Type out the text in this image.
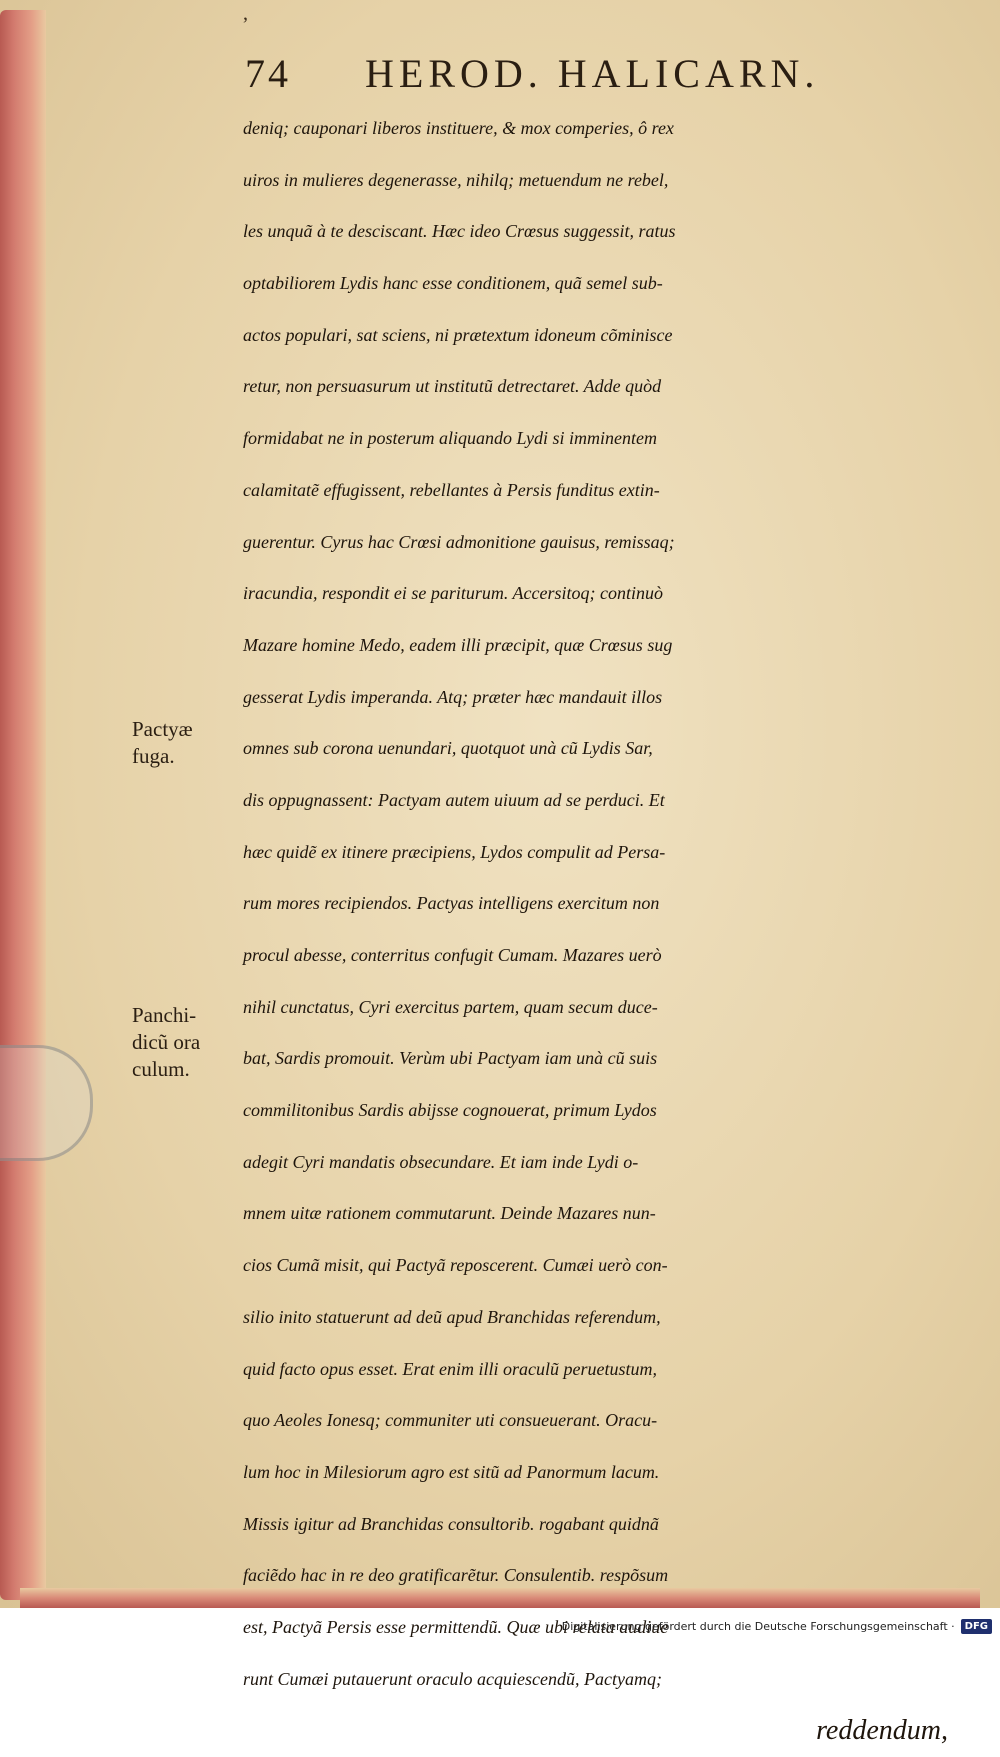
ʼ
74 HEROD. HALICARN.
Pactyæ
fuga.
Panchi-
dicũ ora
culum.
deniq; cauponari liberos instituere, & mox comperies, ô rex
uiros in mulieres degenerasse, nihilq; metuendum ne rebel,
les unquã à te desciscant. Hæc ideo Crœsus suggessit, ratus
optabiliorem Lydis hanc esse conditionem, quã semel sub-
actos populari, sat sciens, ni prætextum idoneum cõminisce
retur, non persuasurum ut institutũ detrectaret. Adde quòd
formidabat ne in posterum aliquando Lydi si imminentem
calamitatẽ effugissent, rebellantes à Persis funditus extin-
guerentur. Cyrus hac Crœsi admonitione gauisus, remissaq;
iracundia, respondit ei se pariturum. Accersitoq; continuò
Mazare homine Medo, eadem illi præcipit, quæ Crœsus sug
gesserat Lydis imperanda. Atq; præter hæc mandauit illos
omnes sub corona uenundari, quotquot unà cũ Lydis Sar,
dis oppugnassent: Pactyam autem uiuum ad se perduci. Et
hæc quidẽ ex itinere præcipiens, Lydos compulit ad Persa-
rum mores recipiendos. Pactyas intelligens exercitum non
procul abesse, conterritus confugit Cumam. Mazares uerò
nihil cunctatus, Cyri exercitus partem, quam secum duce-
bat, Sardis promouit. Verùm ubi Pactyam iam unà cũ suis
commilitonibus Sardis abijsse cognouerat, primum Lydos
adegit Cyri mandatis obsecundare. Et iam inde Lydi o-
mnem uitæ rationem commutarunt. Deinde Mazares nun-
cios Cumã misit, qui Pactyã reposcerent. Cumæi uerò con-
silio inito statuerunt ad deũ apud Branchidas referendum,
quid facto opus esset. Erat enim illi oraculũ peruetustum,
quo Aeoles Ionesq; communiter uti consueuerant. Oracu-
lum hoc in Milesiorum agro est sitũ ad Panormum lacum.
Missis igitur ad Branchidas consultorib. rogabant quidnã
faciẽdo hac in re deo gratificarẽtur. Consulentib. respõsum
est, Pactyã Persis esse permittendũ. Quæ ubi relata audiue
runt Cumæi putauerunt oraculo acquiescendũ, Pactyamq;
reddendum,
Digitalisierung gefördert durch die Deutsche Forschungsgemeinschaft ·	DFG
